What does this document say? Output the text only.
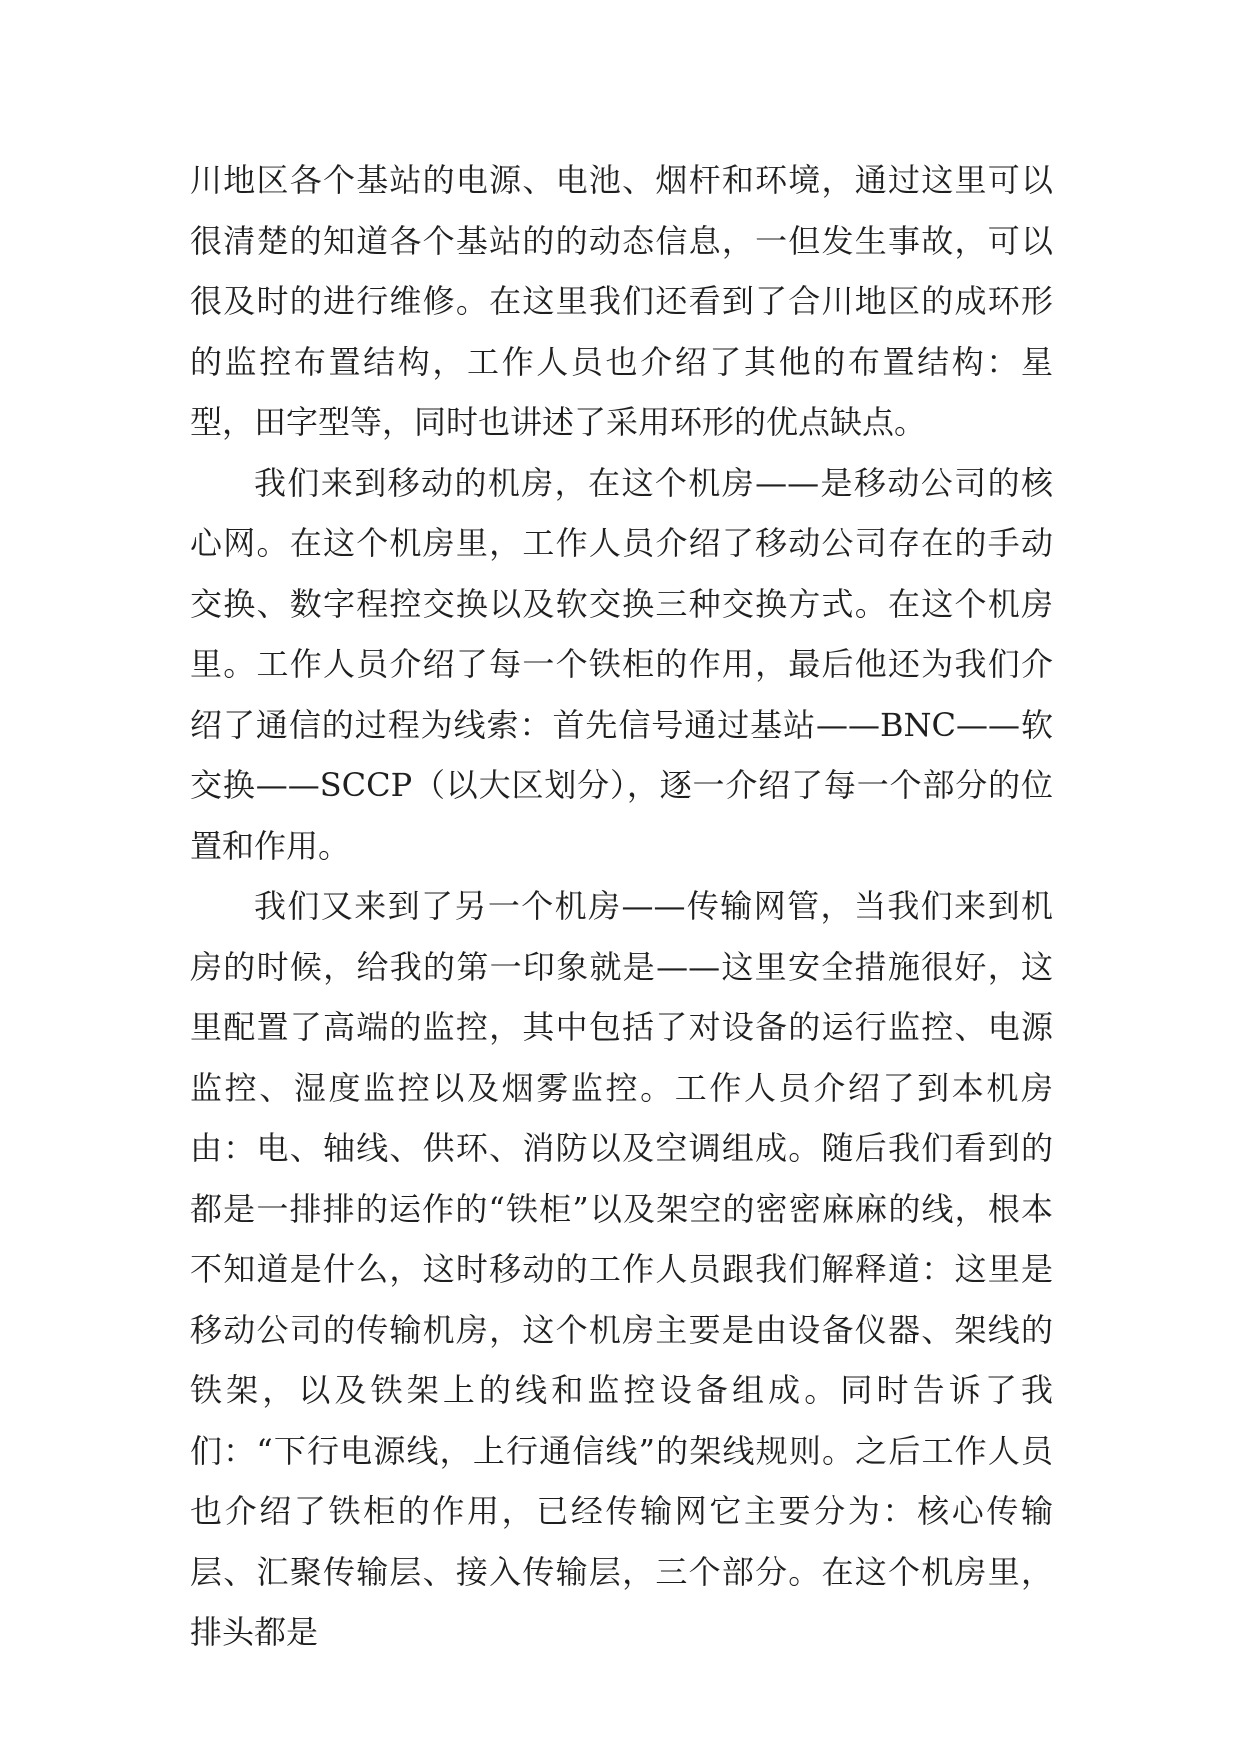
川地区各个基站的电源、电池、烟杆和环境，通过这里可以很清楚的知道各个基站的的动态信息，一但发生事故，可以很及时的进行维修。在这里我们还看到了合川地区的成环形的监控布置结构，工作人员也介绍了其他的布置结构：星型，田字型等，同时也讲述了采用环形的优点缺点。

我们来到移动的机房，在这个机房——是移动公司的核心网。在这个机房里，工作人员介绍了移动公司存在的手动交换、数字程控交换以及软交换三种交换方式。在这个机房里。工作人员介绍了每一个铁柜的作用，最后他还为我们介绍了通信的过程为线索：首先信号通过基站——BNC——软交换——SCCP（以大区划分），逐一介绍了每一个部分的位置和作用。

我们又来到了另一个机房——传输网管，当我们来到机房的时候，给我的第一印象就是——这里安全措施很好，这里配置了高端的监控，其中包括了对设备的运行监控、电源监控、湿度监控以及烟雾监控。工作人员介绍了到本机房由：电、轴线、供环、消防以及空调组成。随后我们看到的都是一排排的运作的“铁柜”以及架空的密密麻麻的线，根本不知道是什么，这时移动的工作人员跟我们解释道：这里是移动公司的传输机房，这个机房主要是由设备仪器、架线的铁架，以及铁架上的线和监控设备组成。同时告诉了我们：“下行电源线，上行通信线”的架线规则。之后工作人员也介绍了铁柜的作用，已经传输网它主要分为：核心传输层、汇聚传输层、接入传输层，三个部分。在这个机房里，排头都是
